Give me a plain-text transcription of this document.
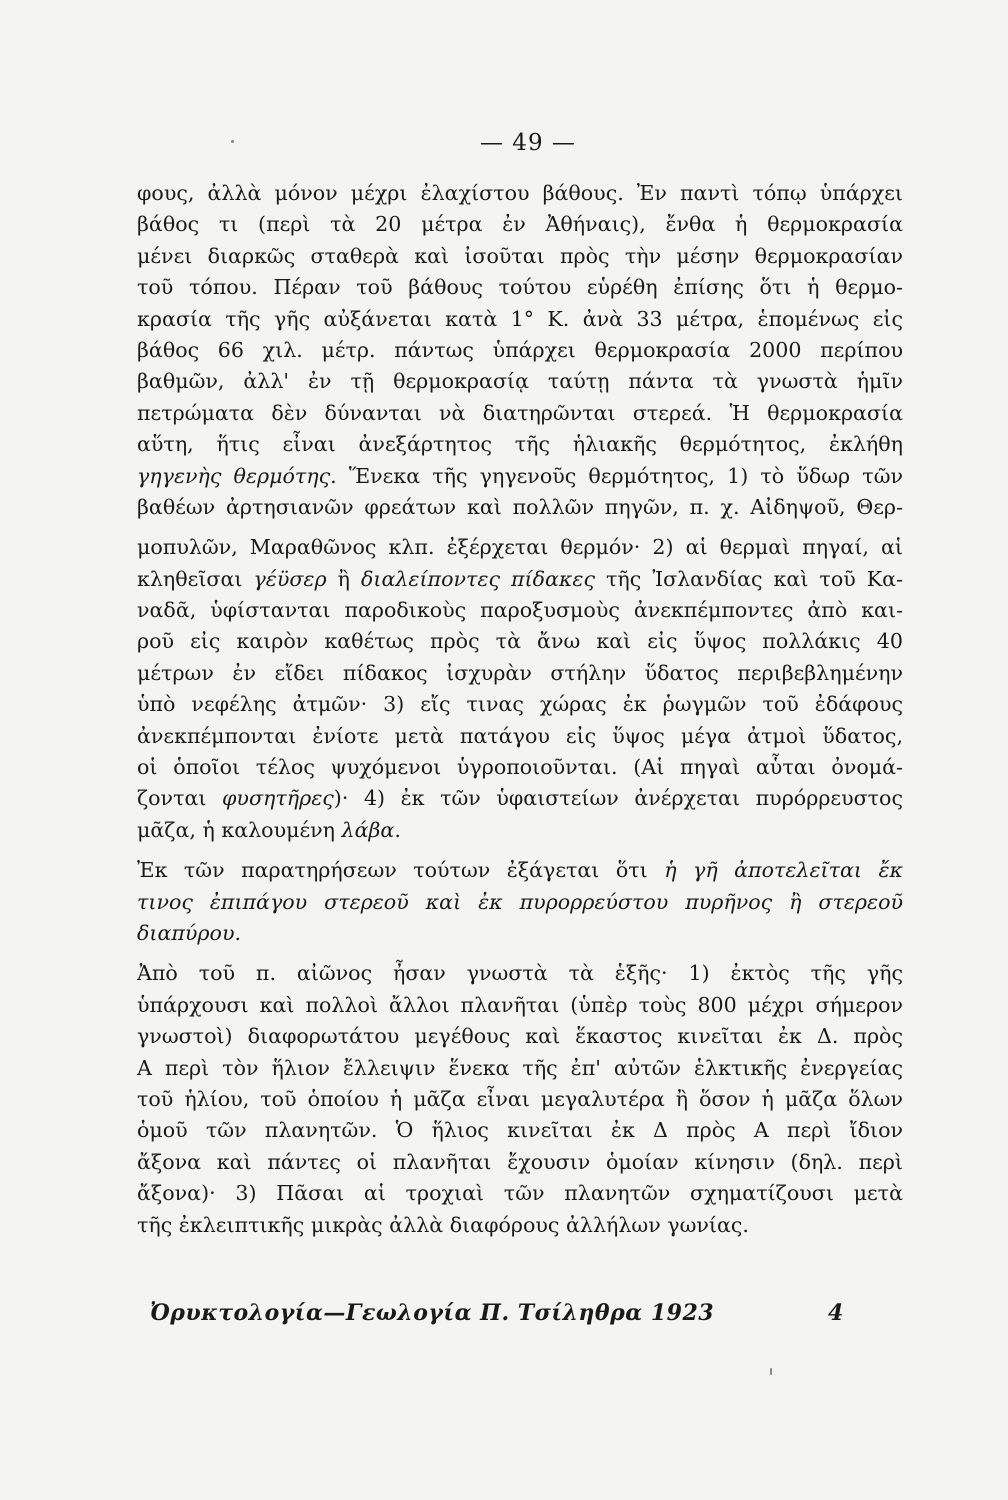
— 49 —
φους, ἀλλὰ μόνον μέχρι ἐλαχίστου βάθους. Ἐν παντὶ τόπῳ ὑπάρχει
βάθος τι (περὶ τὰ 20 μέτρα ἐν Ἀθήναις), ἔνθα ἡ θερμοκρασία
μένει διαρκῶς σταθερὰ καὶ ἰσοῦται πρὸς τὴν μέσην θερμοκρασίαν
τοῦ τόπου. Πέραν τοῦ βάθους τούτου εὑρέθη ἐπίσης ὅτι ἡ θερμο-
κρασία τῆς γῆς αὐξάνεται κατὰ 1° Κ. ἀνὰ 33 μέτρα, ἑπομένως εἰς
βάθος 66 χιλ. μέτρ. πάντως ὑπάρχει θερμοκρασία 2000 περίπου
βαθμῶν, ἀλλ' ἐν τῇ θερμοκρασίᾳ ταύτῃ πάντα τὰ γνωστὰ ἡμῖν
πετρώματα δὲν δύνανται νὰ διατηρῶνται στερεά. Ἡ θερμοκρασία
αὕτη, ἥτις εἶναι ἀνεξάρτητος τῆς ἡλιακῆς θερμότητος, ἐκλήθη
γηγενὴς θερμότης. Ἕνεκα τῆς γηγενοῦς θερμότητος, 1) τὸ ὕδωρ τῶν
βαθέων ἀρτησιανῶν φρεάτων καὶ πολλῶν πηγῶν, π. χ. Αἰδηψοῦ, Θερ-
μοπυλῶν, Μαραθῶνος κλπ. ἐξέρχεται θερμόν· 2) αἱ θερμαὶ πηγαί, αἱ
κληθεῖσαι γέϋσερ ἢ διαλείποντες πίδακες τῆς Ἰσλανδίας καὶ τοῦ Κα-
ναδᾶ, ὑφίστανται παροδικοὺς παροξυσμοὺς ἀνεκπέμποντες ἀπὸ και-
ροῦ εἰς καιρὸν καθέτως πρὸς τὰ ἄνω καὶ εἰς ὕψος πολλάκις 40
μέτρων ἐν εἴδει πίδακος ἰσχυρὰν στήλην ὕδατος περιβεβλημένην
ὑπὸ νεφέλης ἀτμῶν· 3) εἴς τινας χώρας ἐκ ῥωγμῶν τοῦ ἐδάφους
ἀνεκπέμπονται ἐνίοτε μετὰ πατάγου εἰς ὕψος μέγα ἀτμοὶ ὕδατος,
οἱ ὁποῖοι τέλος ψυχόμενοι ὑγροποιοῦνται. (Αἱ πηγαὶ αὗται ὀνομά-
ζονται φυσητῆρες)· 4) ἐκ τῶν ὑφαιστείων ἀνέρχεται πυρόρρευστος
μᾶζα, ἡ καλουμένη λάβα.
Ἐκ τῶν παρατηρήσεων τούτων ἐξάγεται ὅτι ἡ γῆ ἀποτελεῖται ἔκ
τινος ἐπιπάγου στερεοῦ καὶ ἐκ πυρορρεύστου πυρῆνος ἢ στερεοῦ
διαπύρου.
Ἀπὸ τοῦ π. αἰῶνος ἦσαν γνωστὰ τὰ ἑξῆς· 1) ἐκτὸς τῆς γῆς
ὑπάρχουσι καὶ πολλοὶ ἄλλοι πλανῆται (ὑπὲρ τοὺς 800 μέχρι σήμερον
γνωστοὶ) διαφορωτάτου μεγέθους καὶ ἕκαστος κινεῖται ἐκ Δ. πρὸς
Α περὶ τὸν ἥλιον ἔλλειψιν ἕνεκα τῆς ἐπ' αὐτῶν ἑλκτικῆς ἐνεργείας
τοῦ ἡλίου, τοῦ ὁποίου ἡ μᾶζα εἶναι μεγαλυτέρα ἢ ὅσον ἡ μᾶζα ὅλων
ὁμοῦ τῶν πλανητῶν. Ὁ ἥλιος κινεῖται ἐκ Δ πρὸς Α περὶ ἴδιον
ἄξονα καὶ πάντες οἱ πλανῆται ἔχουσιν ὁμοίαν κίνησιν (δηλ. περὶ
ἄξονα)· 3) Πᾶσαι αἱ τροχιαὶ τῶν πλανητῶν σχηματίζουσι μετὰ
τῆς ἐκλειπτικῆς μικρὰς ἀλλὰ διαφόρους ἀλλήλων γωνίας.
Ὀρυκτολογία—Γεωλογία Π. Τσίληθρα 1923	4
